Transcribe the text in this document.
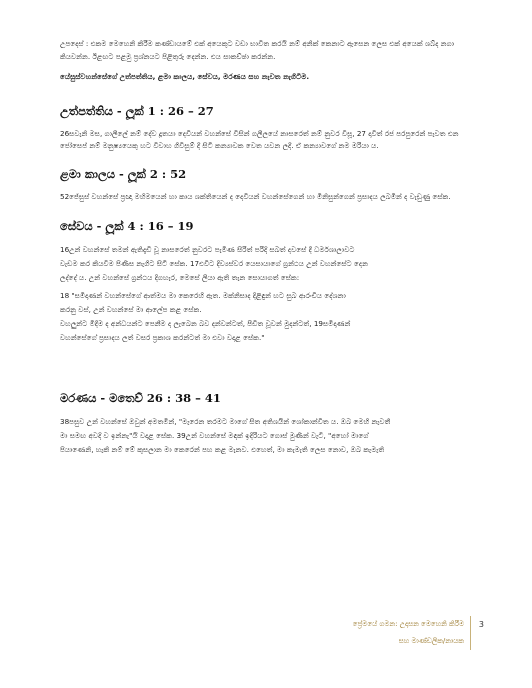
උපදෙස් : එකම මෙහෙනි කිරීම කණ්ඩායමේ එක් අයෙකුට වඩා භාවිත කරයි නම් අනික් කෙනාට ඇසෙන ලෙස එක් අයෙක් ශබ්ද නගා කියවන්න. ඊළඟට පළමු ප්‍රශ්නයට පිළිතුරු දෙන්න. එය සාකච්ඡා කරන්න.

යේසුස්වහන්සේගේ උත්පත්තිය, ළමා කාලය, සේවය, මරණය සහ නැවත නැගිටීම.

උත්පත්තිය - ලූක් 1 : 26 – 27

26සවැනි මස, ගාලීලේ නම් දේව දූතයා දෙවියන් වහන්සේ විසින් ගලීලයේ නාසරෙත් නම් නුවර වීසූ, 27 දාවිත් රජ පරපුරෙන් පැවත එන ජෝසෙප් නම් මනුෂ්‍යයෙකු හට විවාහ ගිවිසුම් දී සිටි කන්‍යාවක වෙත යවන ලදී. ඒ කන්‍යාවගේ නම මරියා ය.

ළමා කාලය - ලූක් 2 : 52

52ජේසුස් වහන්සේ ප්‍රඥා මහිමයෙන් හා කාය ශක්තියෙන් ද දෙවියන් වහන්සේගෙන් හා මිනිසුන්ගෙන් ප්‍රසාදය ලබමින් ද වැඩුණු සේක.

සේවය - ලූක් 4 : 16 – 19

16උන් වහන්සේ තමන් ඇතිදැඩි වූ නාසරෙත් නුවරට පැමිණ සිරිත් පරිදි සබත් දවසේ දී ධර්මශාලාවට

වැඩම කර කියවීම පිණිස නැගිට සිටි සේක. 17එවිට දිව්‍යස්වර යෙසායාගේ ග්‍රන්ථය උන් වහන්සේට දෙන

ලද්දේ ය. උන් වහන්සේ ග්‍රන්ථය දිගහැර, මෙසේ ලියා ඇති තැන සොයාගත් සේක:

18 "සමිදාණන් වහන්සේගේ ආත්මය මා කෙරෙහි ඇත. මක්නිසාද දිළිඳුන් හට සුබ ආරංචිය දේශනා

කරනු වස්, උන් වහන්සේ මා ආලේප කළ සේක.

වහලුන්ට මිදීම ද අන්ධයන්ට පෙනීම ද ලැබෙන බව දන්වන්ටත්, පීඩිත වූවන් මුදන්ටත්, 19සමිදාණන්

වහන්සේගේ ප්‍රසාදය ලත් වසර ප්‍රකාශ කරන්ටත් මා එවා වදාළ සේක."

මරණය - මතෙව් 26 : 38 – 41

38පසුව උන් වහන්සේ ඔවුන් අමතමින්, "මැරෙන තරමට මාගේ සිත අතිශයින් ශෝකාන්විත ය. ඔබ මෙහි නැවතී

මා සමඟ අවදි ව ඉන්නැ"යි වදාළ සේක. 39උන් වහන්සේ මඳක් ඉදිරියට ගොස් මුණින් වැටී, "අහෝ මාගේ

පියාණෙනි, හැකි නම් මේ කුසලාන මා කෙරෙන් පහ කළ මැනව. එහෙත්, මා කැමැති ලෙස නොව, ඔබ කැමැති

ප්‍රේමයේ ගමන: උදාසන මෙහෙනි කිරීම
සහ මාණ්ඩලික/නායක
3
